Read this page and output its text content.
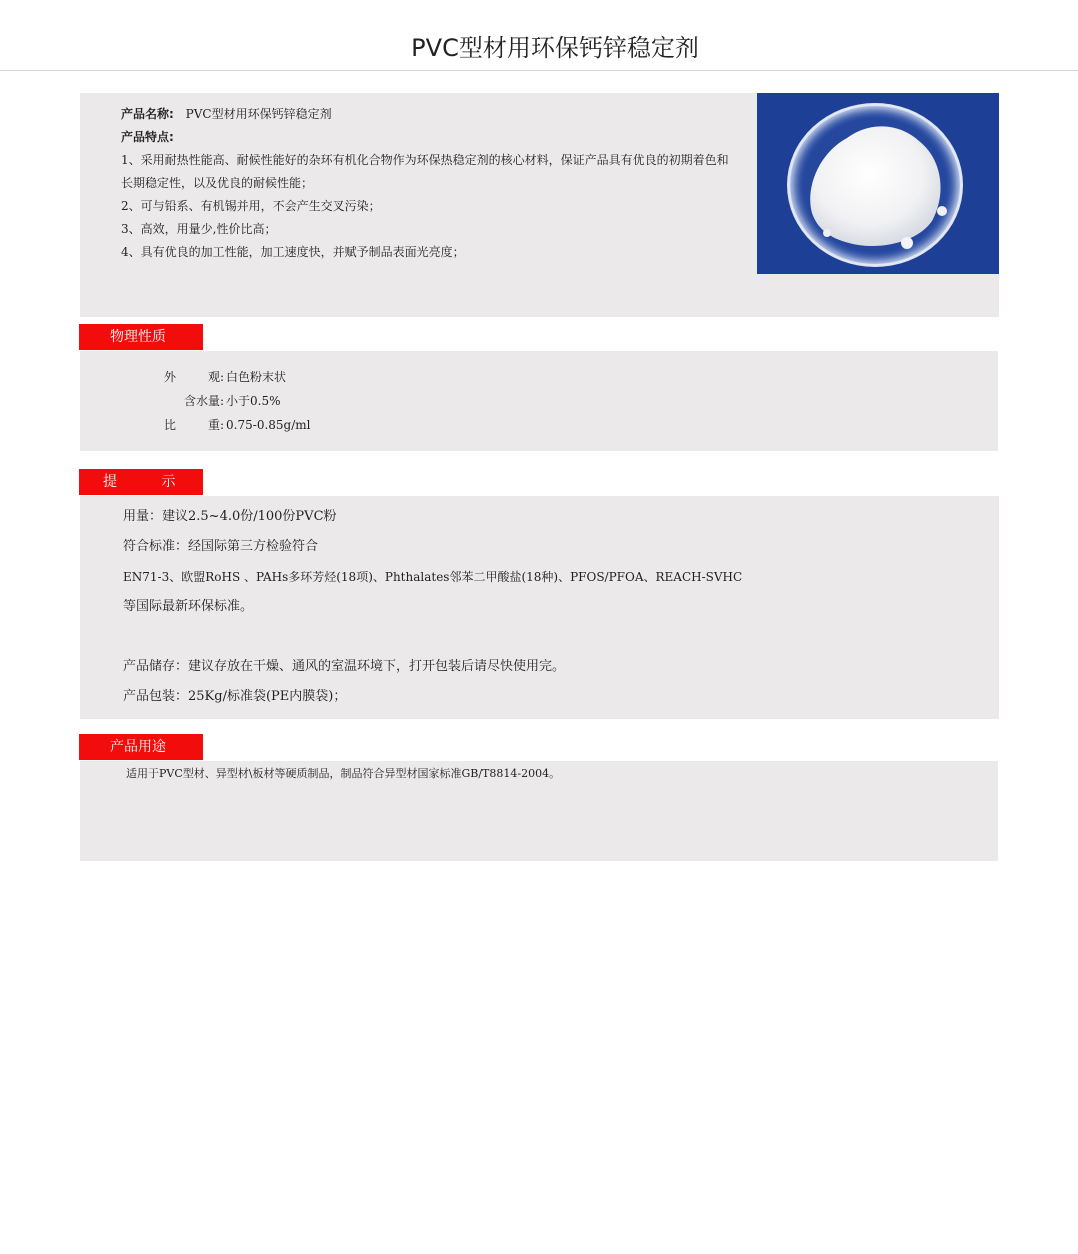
PVC型材用环保钙锌稳定剂
产品名称: PVC型材用环保钙锌稳定剂
产品特点:
1、采用耐热性能高、耐候性能好的杂环有机化合物作为环保热稳定剂的核心材料，保证产品具有优良的初期着色和
长期稳定性，以及优良的耐候性能；
2、可与铅系、有机锡并用，不会产生交叉污染；
3、高效，用量少,性价比高；
4、具有优良的加工性能，加工速度快，并赋予制品表面光亮度；
物理性质
外	观 : 白色粉末状
含水量 : 小于0.5%
比	重 : 0.75-0.85g/ml
提          示
用量：建议2.5~4.0份/100份PVC粉
符合标准：经国际第三方检验符合
EN71-3、欧盟RoHS 、PAHs多环芳烃(18项)、Phthalates邻苯二甲酸盐(18种)、PFOS/PFOA、REACH-SVHC
等国际最新环保标准。
产品储存：建议存放在干燥、通风的室温环境下，打开包装后请尽快使用完。
产品包装：25Kg/标准袋(PE内膜袋)；
产品用途
适用于PVC型材、异型材\板材等硬质制品，制品符合异型材国家标准GB/T8814-2004。
